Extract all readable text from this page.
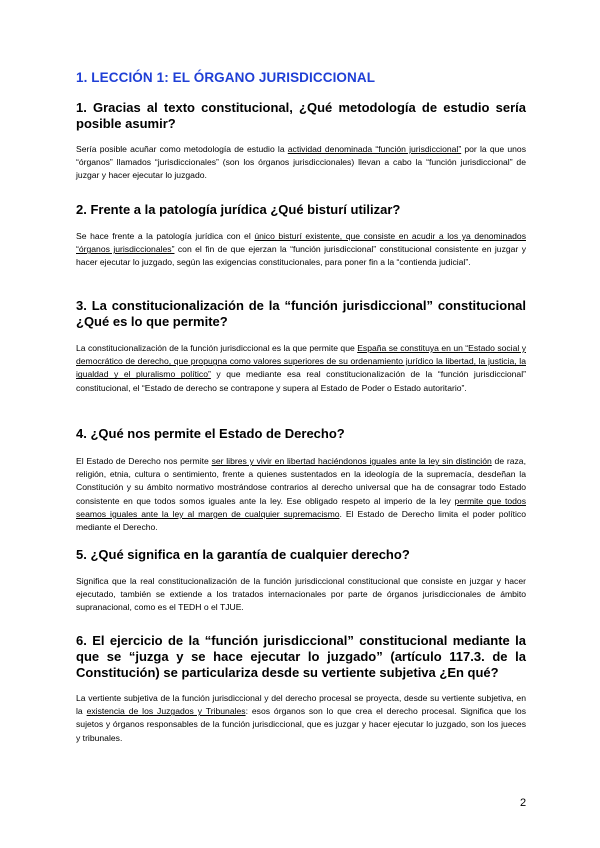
1. LECCIÓN 1: EL ÓRGANO JURISDICCIONAL
1. Gracias al texto constitucional, ¿Qué metodología de estudio sería posible asumir?
Sería posible acuñar como metodología de estudio la actividad denominada “función jurisdiccional” por la que unos “órganos” llamados “jurisdiccionales” (son los órganos jurisdiccionales) llevan a cabo la “función jurisdiccional” de juzgar y hacer ejecutar lo juzgado.
2. Frente a la patología jurídica ¿Qué bisturí utilizar?
Se hace frente a la patología jurídica con el único bisturí existente, que consiste en acudir a los ya denominados “órganos jurisdiccionales” con el fin de que ejerzan la “función jurisdiccional” constitucional consistente en juzgar y hacer ejecutar lo juzgado, según las exigencias constitucionales, para poner fin a la “contienda judicial”.
3. La constitucionalización de la “función jurisdiccional” constitucional ¿Qué es lo que permite?
La constitucionalización de la función jurisdiccional es la que permite que España se constituya en un “Estado social y democrático de derecho, que propugna como valores superiores de su ordenamiento jurídico la libertad, la justicia, la igualdad y el pluralismo político” y que mediante esa real constitucionalización de la “función jurisdiccional” constitucional, el “Estado de derecho se contrapone y supera al Estado de Poder o Estado autoritario”.
4. ¿Qué nos permite el Estado de Derecho?
El Estado de Derecho nos permite ser libres y vivir en libertad haciéndonos iguales ante la ley sin distinción de raza, religión, etnia, cultura o sentimiento, frente a quienes sustentados en la ideología de la supremacía, desdeñan la Constitución y su ámbito normativo mostrándose contrarios al derecho universal que ha de consagrar todo Estado consistente en que todos somos iguales ante la ley. Ese obligado respeto al imperio de la ley permite que todos seamos iguales ante la ley al margen de cualquier supremacismo. El Estado de Derecho limita el poder político mediante el Derecho.
5. ¿Qué significa en la garantía de cualquier derecho?
Significa que la real constitucionalización de la función jurisdiccional constitucional que consiste en juzgar y hacer ejecutado, también se extiende a los tratados internacionales por parte de órganos jurisdiccionales de ámbito supranacional, como es el TEDH o el TJUE.
6. El ejercicio de la “función jurisdiccional” constitucional mediante la que se “juzga y se hace ejecutar lo juzgado” (artículo 117.3. de la Constitución) se particulariza desde su vertiente subjetiva ¿En qué?
La vertiente subjetiva de la función jurisdiccional y del derecho procesal se proyecta, desde su vertiente subjetiva, en la existencia de los Juzgados y Tribunales: esos órganos son lo que crea el derecho procesal. Significa que los sujetos y órganos responsables de la función jurisdiccional, que es juzgar y hacer ejecutar lo juzgado, son los jueces y tribunales.
2
